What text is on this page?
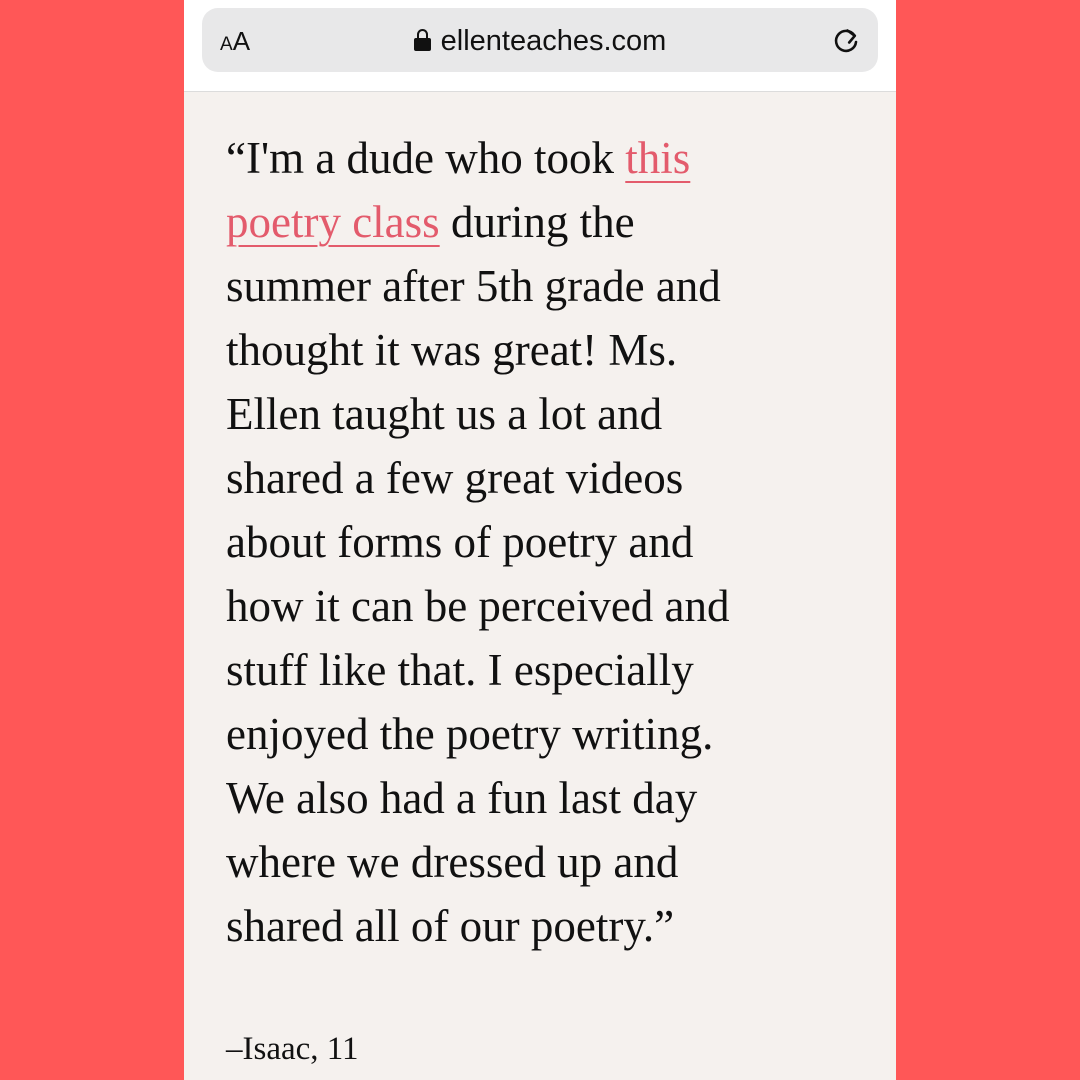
AA	ellenteaches.com
“I'm a dude who took this
poetry class during the
summer after 5th grade and
thought it was great! Ms.
Ellen taught us a lot and
shared a few great videos
about forms of poetry and
how it can be perceived and
stuff like that. I especially
enjoyed the poetry writing.
We also had a fun last day
where we dressed up and
shared all of our poetry.”
–Isaac, 11
